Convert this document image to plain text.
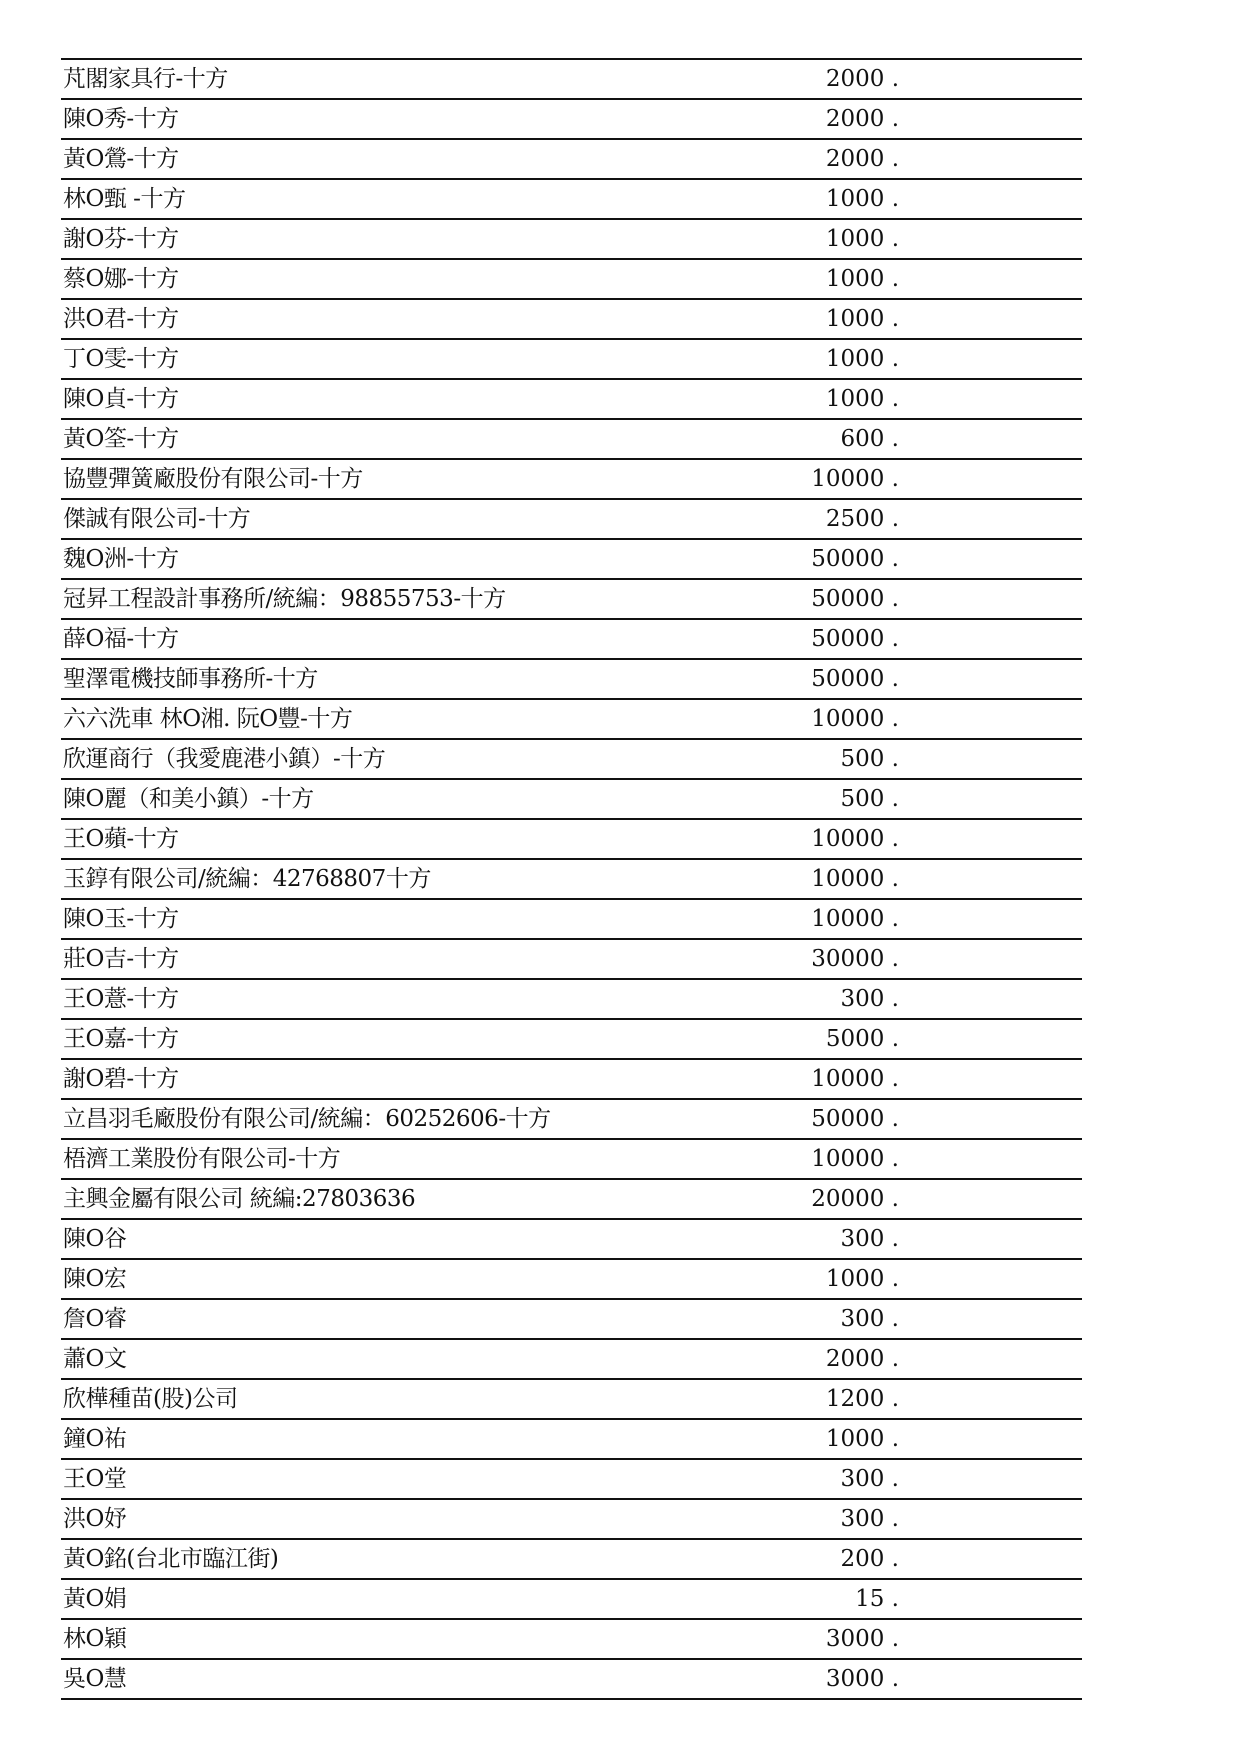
芃閣家具行-十方	2000 .
陳O秀-十方	2000 .
黃O鶯-十方	2000 .
林O甄 -十方	1000 .
謝O芬-十方	1000 .
蔡O娜-十方	1000 .
洪O君-十方	1000 .
丁O雯-十方	1000 .
陳O貞-十方	1000 .
黃O筌-十方	600 .
協豐彈簧廠股份有限公司-十方	10000 .
傑誠有限公司-十方	2500 .
魏O洲-十方	50000 .
冠昇工程設計事務所/統編：98855753-十方	50000 .
薛O福-十方	50000 .
聖澤電機技師事務所-十方	50000 .
六六洗車 林O湘. 阮O豐-十方	10000 .
欣運商行（我愛鹿港小鎮）-十方	500 .
陳O麗（和美小鎮）-十方	500 .
王O蘋-十方	10000 .
玉錞有限公司/統編：42768807十方	10000 .
陳O玉-十方	10000 .
莊O吉-十方	30000 .
王O薏-十方	300 .
王O嘉-十方	5000 .
謝O碧-十方	10000 .
立昌羽毛廠股份有限公司/統編：60252606-十方	50000 .
梧濟工業股份有限公司-十方	10000 .
主興金屬有限公司 統編:27803636	20000 .
陳O谷	300 .
陳O宏	1000 .
詹O睿	300 .
蕭O文	2000 .
欣樺種苗(股)公司	1200 .
鐘O祐	1000 .
王O堂	300 .
洪O妤	300 .
黃O銘(台北市臨江街)	200 .
黃O娟	15 .
林O穎	3000 .
吳O慧	3000 .
